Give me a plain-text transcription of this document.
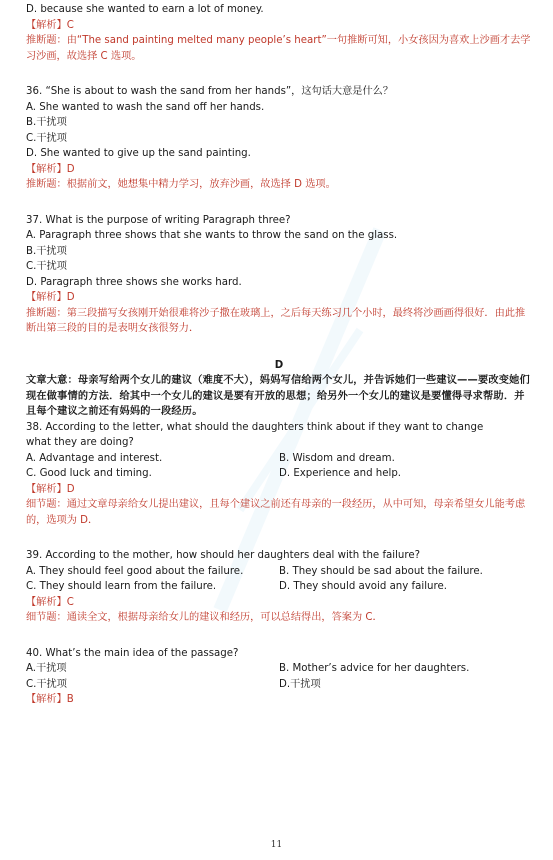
D. because she wanted to earn a lot of money.
【解析】C
推断题：由“The sand painting melted many people’s heart”一句推断可知，小女孩因为喜欢上沙画才去学习沙画，故选择 C 选项。
36. “She is about to wash the sand from her hands”，这句话大意是什么？
A. She wanted to wash the sand off her hands.
B.干扰项
C.干扰项
D. She wanted to give up the sand painting.
【解析】D
推断题：根据前文，她想集中精力学习，放弃沙画，故选择 D 选项。
37. What is the purpose of writing Paragraph three?
A. Paragraph three shows that she wants to throw the sand on the glass.
B.干扰项
C.干扰项
D. Paragraph three shows she works hard.
【解析】D
推断题：第三段描写女孩刚开始很难将沙子撒在玻璃上，之后每天练习几个小时，最终将沙画画得很好．由此推断出第三段的目的是表明女孩很努力．
D
文章大意：母亲写给两个女儿的建议（难度不大），妈妈写信给两个女儿，并告诉她们一些建议——要改变她们现在做事情的方法．给其中一个女儿的建议是要有开放的思想；给另外一个女儿的建议是要懂得寻求帮助．并且每个建议之前还有妈妈的一段经历。
38. According to the letter, what should the daughters think about if they want to change
what they are doing?
A. Advantage and interest.	B. Wisdom and dream.
C. Good luck and timing.	D. Experience and help.
【解析】D
细节题：通过文章母亲给女儿提出建议，且每个建议之前还有母亲的一段经历，从中可知，母亲希望女儿能考虑的，选项为 D．
39. According to the mother, how should her daughters deal with the failure?
A. They should feel good about the failure.	B. They should be sad about the failure.
C. They should learn from the failure.	D. They should avoid any failure.
【解析】C
细节题：通读全文，根据母亲给女儿的建议和经历，可以总结得出，答案为 C．
40. What’s the main idea of the passage?
A.干扰项	B. Mother’s advice for her daughters.
C.干扰项	D.干扰项
【解析】B
11
